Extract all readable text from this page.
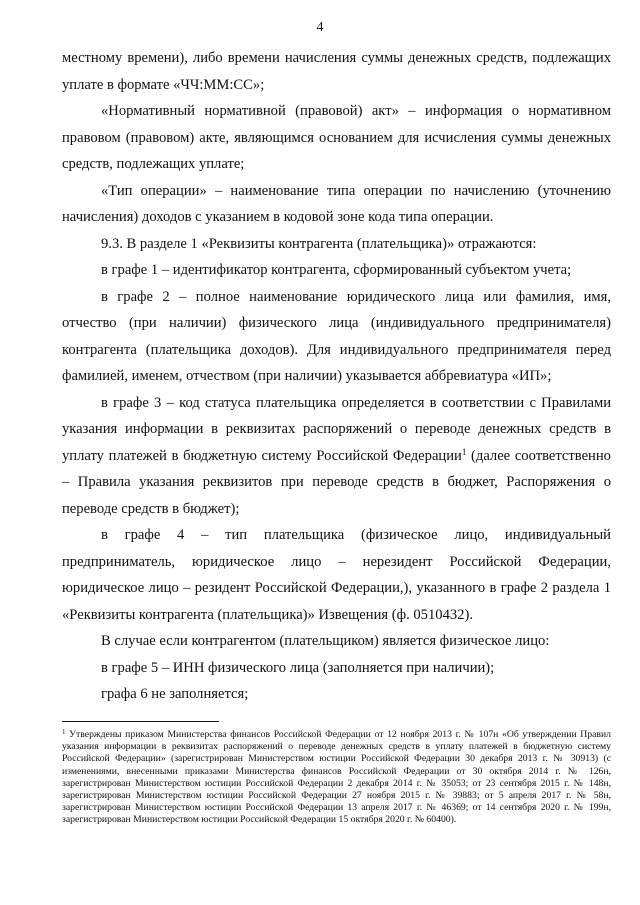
4

местному времени), либо времени начисления суммы денежных средств, подлежащих уплате в формате «ЧЧ:ММ:СС»;

«Нормативный нормативной (правовой) акт» – информация о нормативном правовом (правовом) акте, являющимся основанием для исчисления суммы денежных средств, подлежащих уплате;

«Тип операции» – наименование типа операции по начислению (уточнению начисления) доходов с указанием в кодовой зоне кода типа операции.

9.3. В разделе 1 «Реквизиты контрагента (плательщика)» отражаются:

в графе 1 – идентификатор контрагента, сформированный субъектом учета;

в графе 2 – полное наименование юридического лица или фамилия, имя, отчество (при наличии) физического лица (индивидуального предпринимателя) контрагента (плательщика доходов). Для индивидуального предпринимателя перед фамилией, именем, отчеством (при наличии) указывается аббревиатура «ИП»;

в графе 3 – код статуса плательщика определяется в соответствии с Правилами указания информации в реквизитах распоряжений о переводе денежных средств в уплату платежей в бюджетную систему Российской Федерации$^1$ (далее соответственно – Правила указания реквизитов при переводе средств в бюджет, Распоряжения о переводе средств в бюджет);

в графе 4 – тип плательщика (физическое лицо, индивидуальный предприниматель, юридическое лицо – нерезидент Российской Федерации, юридическое лицо – резидент Российской Федерации,), указанного в графе 2 раздела 1 «Реквизиты контрагента (плательщика)» Извещения (ф. 0510432).

В случае если контрагентом (плательщиком) является физическое лицо:

в графе 5 – ИНН физического лица (заполняется при наличии);

графа 6 не заполняется;

$^1$ Утверждены приказом Министерства финансов Российской Федерации от 12 ноября 2013 г. № 107н «Об утверждении Правил указания информации в реквизитах распоряжений о переводе денежных средств в уплату платежей в бюджетную систему Российской Федерации» (зарегистрирован Министерством юстиции Российской Федерации 30 декабря 2013 г. № 30913) (с изменениями, внесенными приказами Министерства финансов Российской Федерации от 30 октября 2014 г. № 126н, зарегистрирован Министерством юстиции Российской Федерации 2 декабря 2014 г. № 35053; от 23 сентября 2015 г. № 148н, зарегистрирован Министерством юстиции Российской Федерации 27 ноября 2015 г. № 39883; от 5 апреля 2017 г. № 58н, зарегистрирован Министерством юстиции Российской Федерации 13 апреля 2017 г. № 46369; от 14 сентября 2020 г. № 199н, зарегистрирован Министерством юстиции Российской Федерации 15 октября 2020 г. № 60400).
